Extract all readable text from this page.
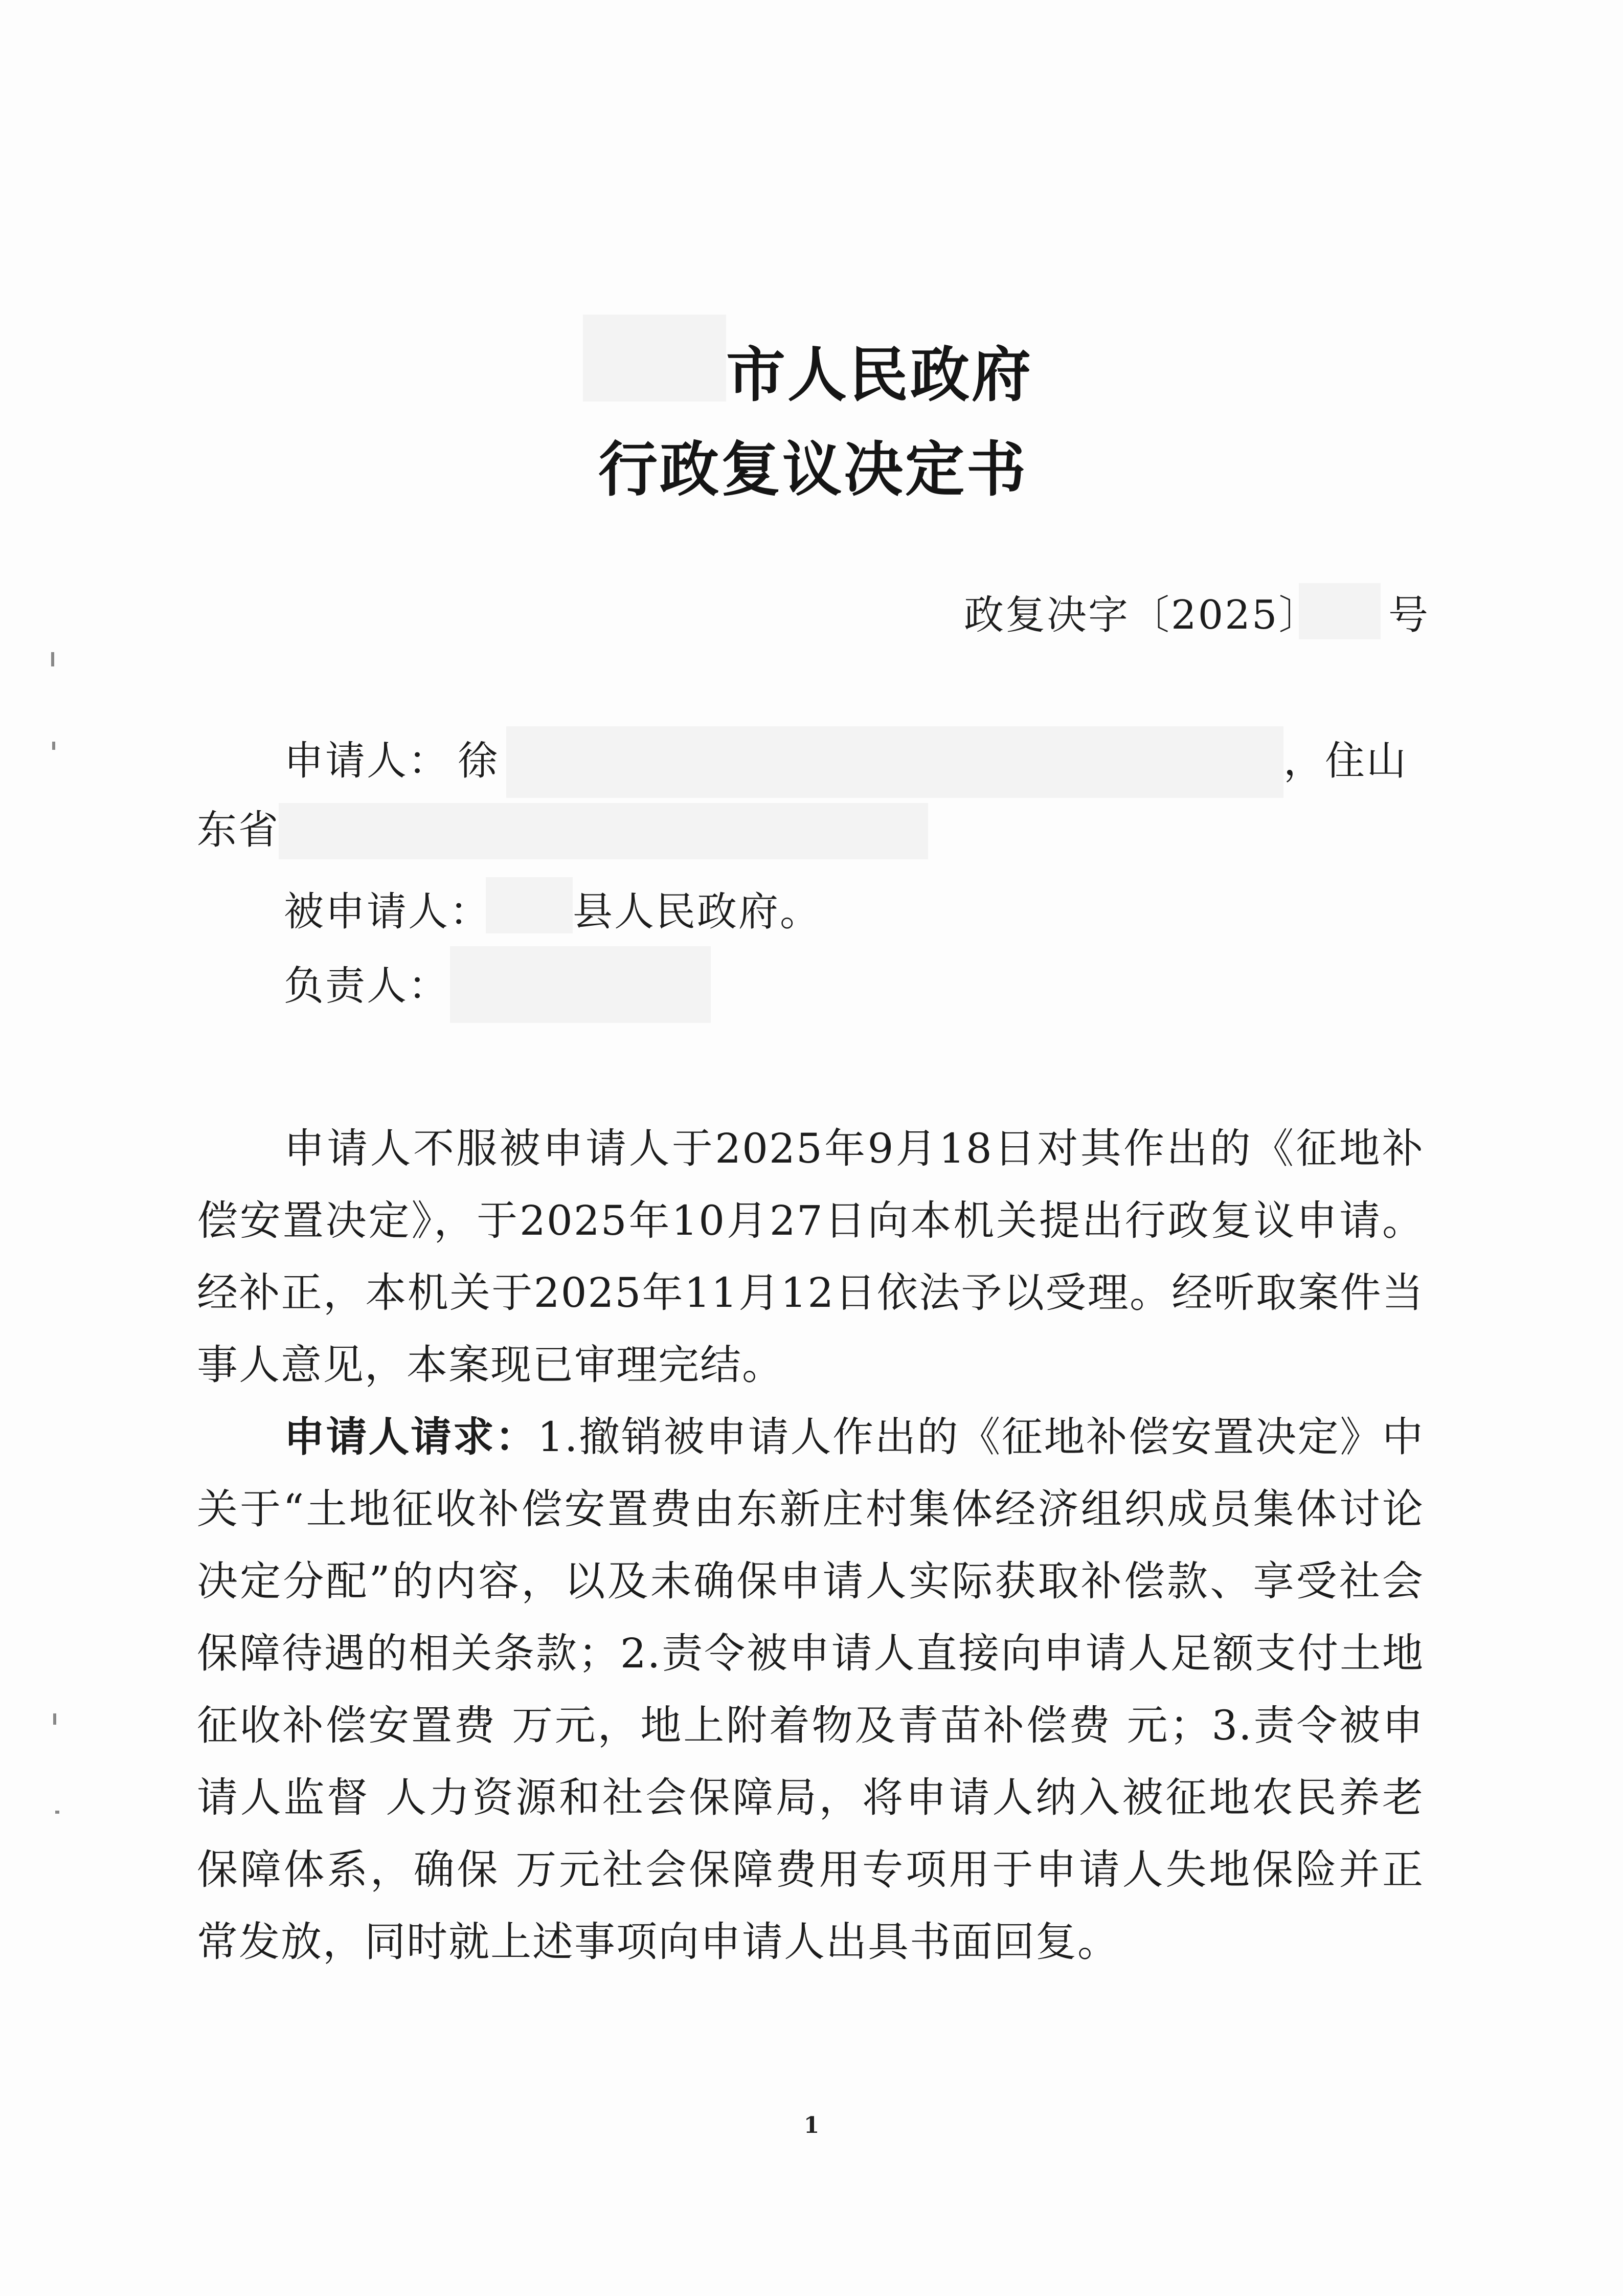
市人民政府
行政复议决定书
政复决字〔2025〕 号
申请人： 徐	，住山
东省
被申请人： 县人民政府。
负责人：

申请人不服被申请人于2025年9月18日对其作出的《征地补偿安置决定》，于2025年10月27日向本机关提出行政复议申请。经补正，本机关于2025年11月12日依法予以受理。经听取案件当事人意见，本案现已审理完结。

申请人请求：1.撤销被申请人作出的《征地补偿安置决定》中关于“土地征收补偿安置费由东新庄村集体经济组织成员集体讨论决定分配”的内容，以及未确保申请人实际获取补偿款、享受社会保障待遇的相关条款；2.责令被申请人直接向申请人足额支付土地征收补偿安置费 万元，地上附着物及青苗补偿费 元；3.责令被申请人监督 人力资源和社会保障局，将申请人纳入被征地农民养老保障体系，确保 万元社会保障费用专项用于申请人失地保险并正常发放，同时就上述事项向申请人出具书面回复。

1
